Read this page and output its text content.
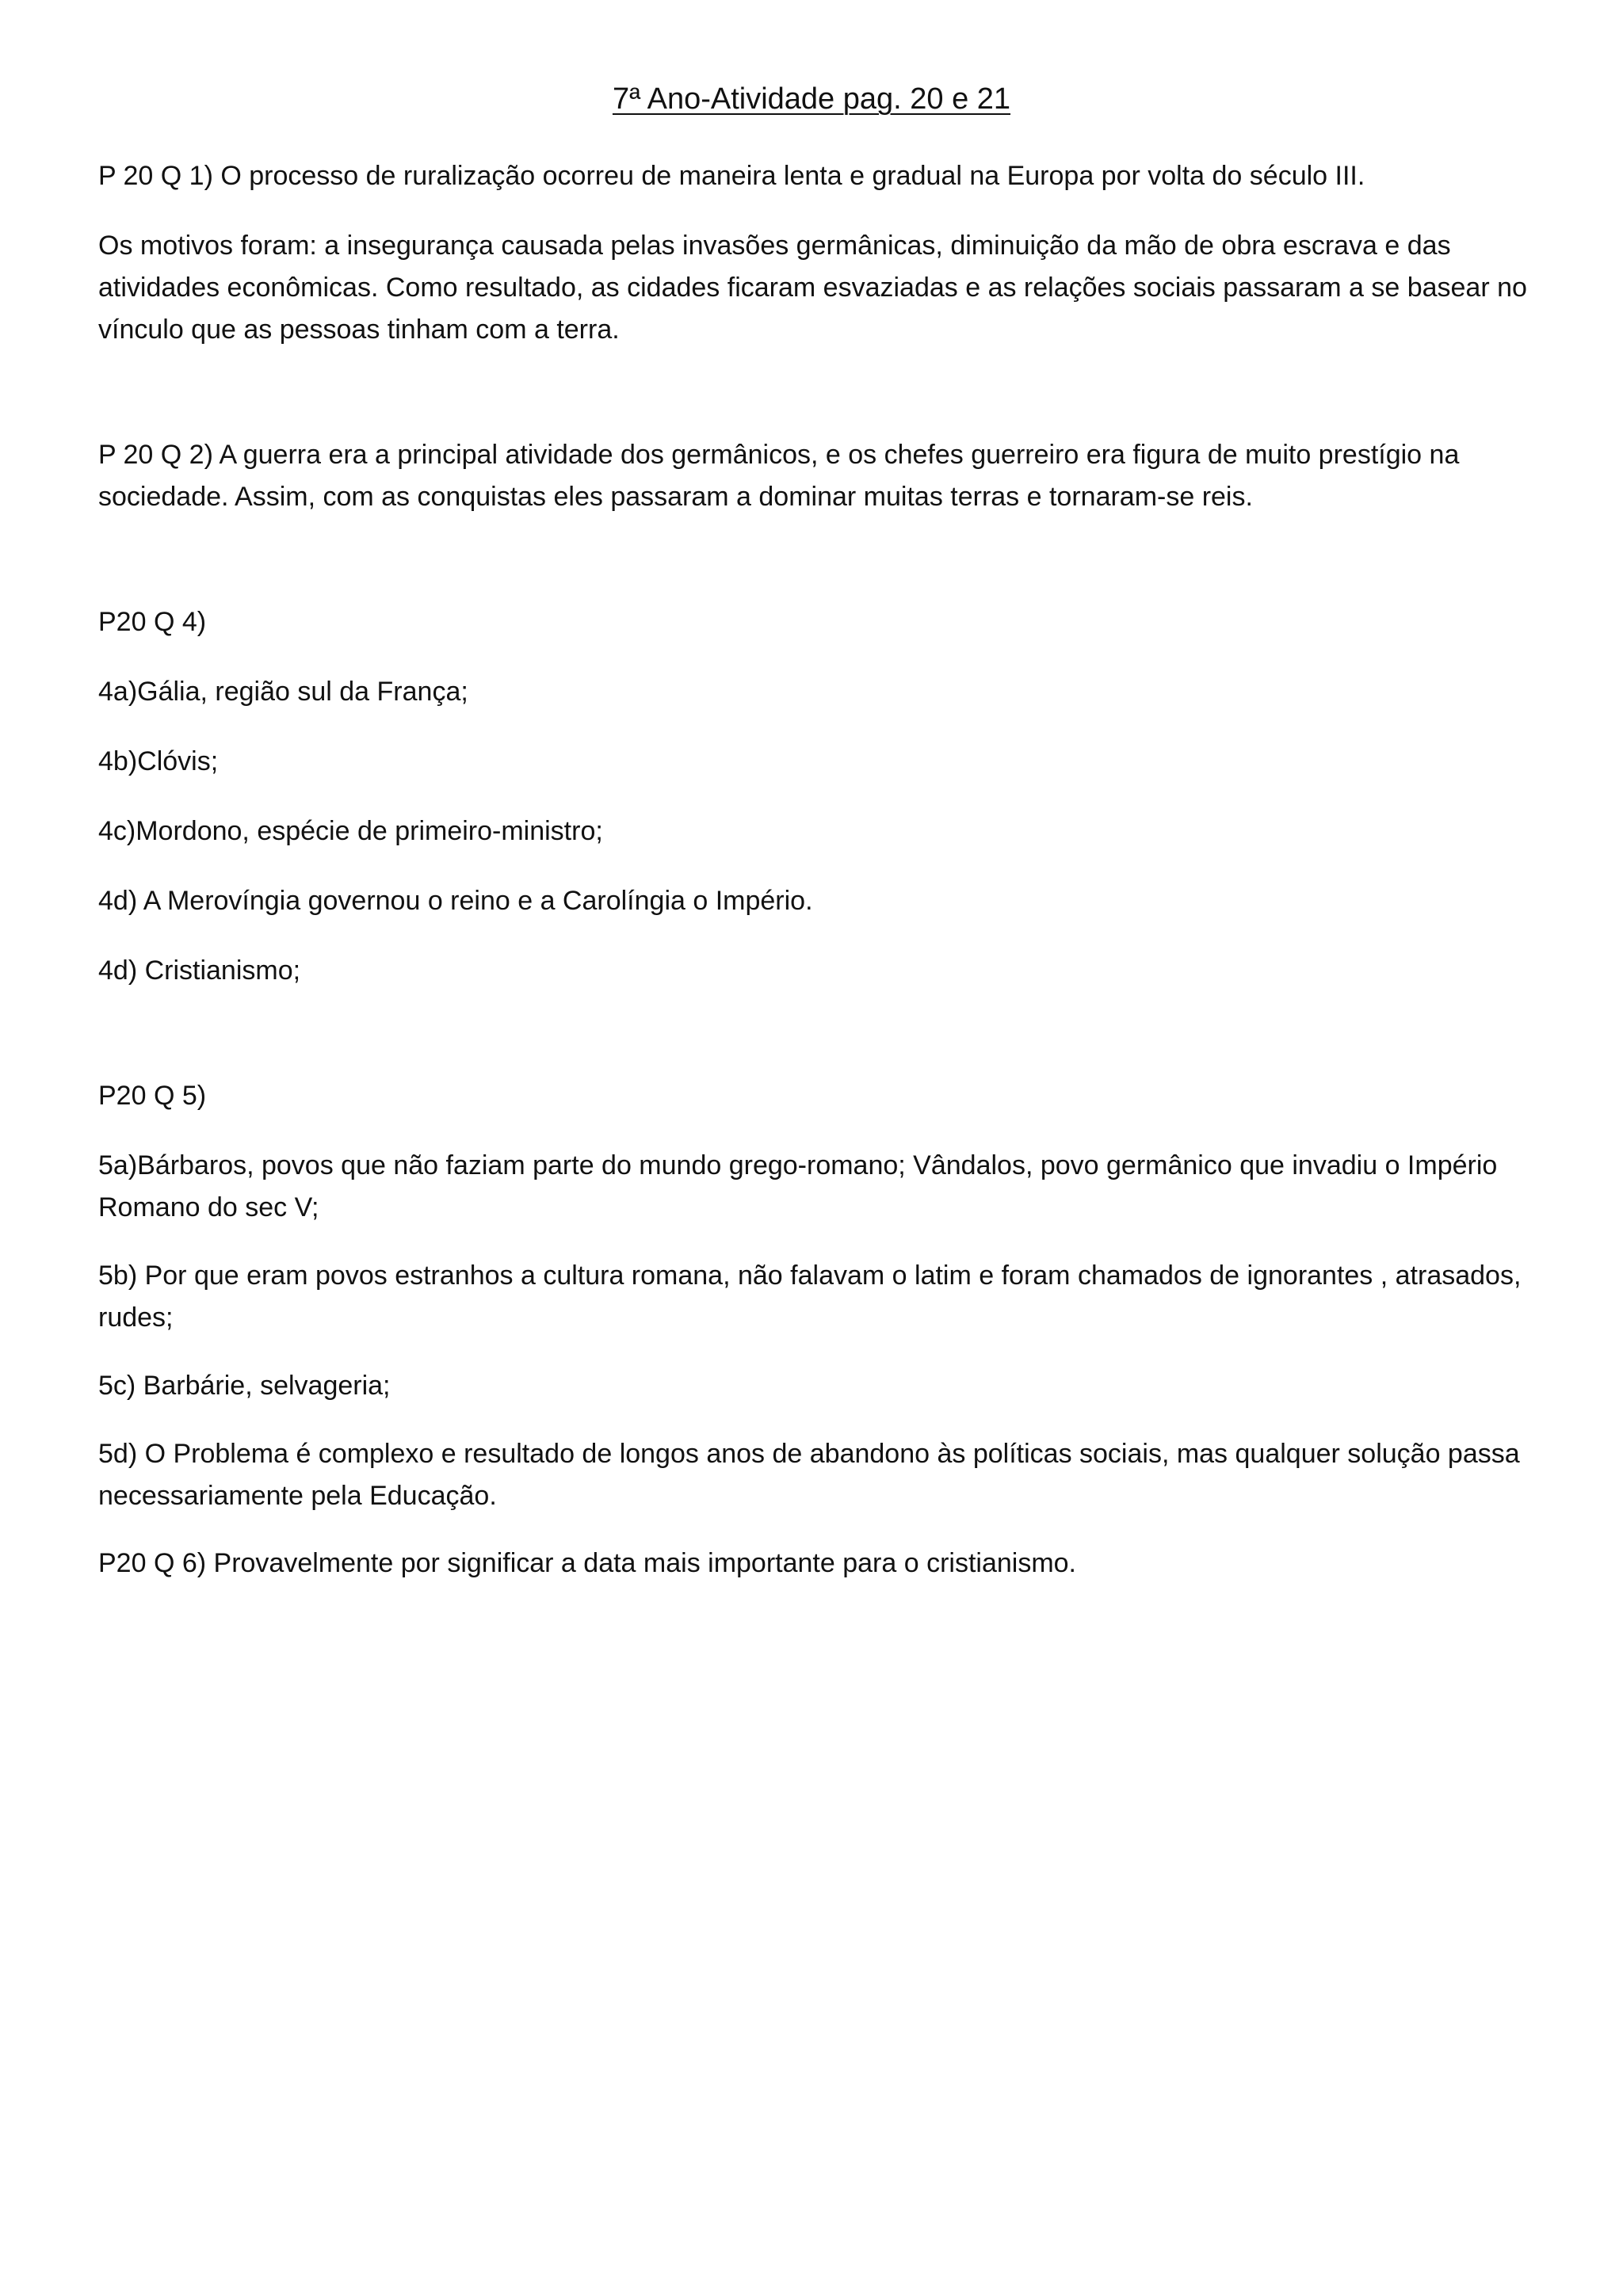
7ª Ano-Atividade pag. 20 e 21

P 20 Q 1) O processo de ruralização ocorreu de maneira lenta e gradual na Europa por volta do século III.

Os motivos foram: a insegurança causada pelas invasões germânicas, diminuição da mão de obra escrava e das atividades econômicas. Como resultado, as cidades ficaram esvaziadas e as relações sociais passaram a se basear no vínculo que as pessoas tinham com a terra.

P 20 Q 2) A guerra era a principal atividade dos germânicos, e os chefes guerreiro era figura de muito prestígio na sociedade. Assim, com as conquistas eles passaram a dominar muitas terras e tornaram-se reis.

P20 Q 4)

4a)Gália, região sul da França;

4b)Clóvis;

4c)Mordono, espécie de primeiro-ministro;

4d) A Merovíngia governou o reino e a Carolíngia o Império.

4d) Cristianismo;

P20 Q 5)

5a)Bárbaros, povos que não faziam parte do mundo grego-romano; Vândalos, povo germânico que invadiu o Império Romano do sec V;

5b) Por que eram povos estranhos a cultura romana, não falavam o latim e foram chamados de ignorantes , atrasados, rudes;

5c) Barbárie, selvageria;

5d) O Problema é complexo e resultado de longos anos de abandono às políticas sociais, mas qualquer solução passa necessariamente pela Educação.

P20 Q 6) Provavelmente por significar a data mais importante para o cristianismo.
